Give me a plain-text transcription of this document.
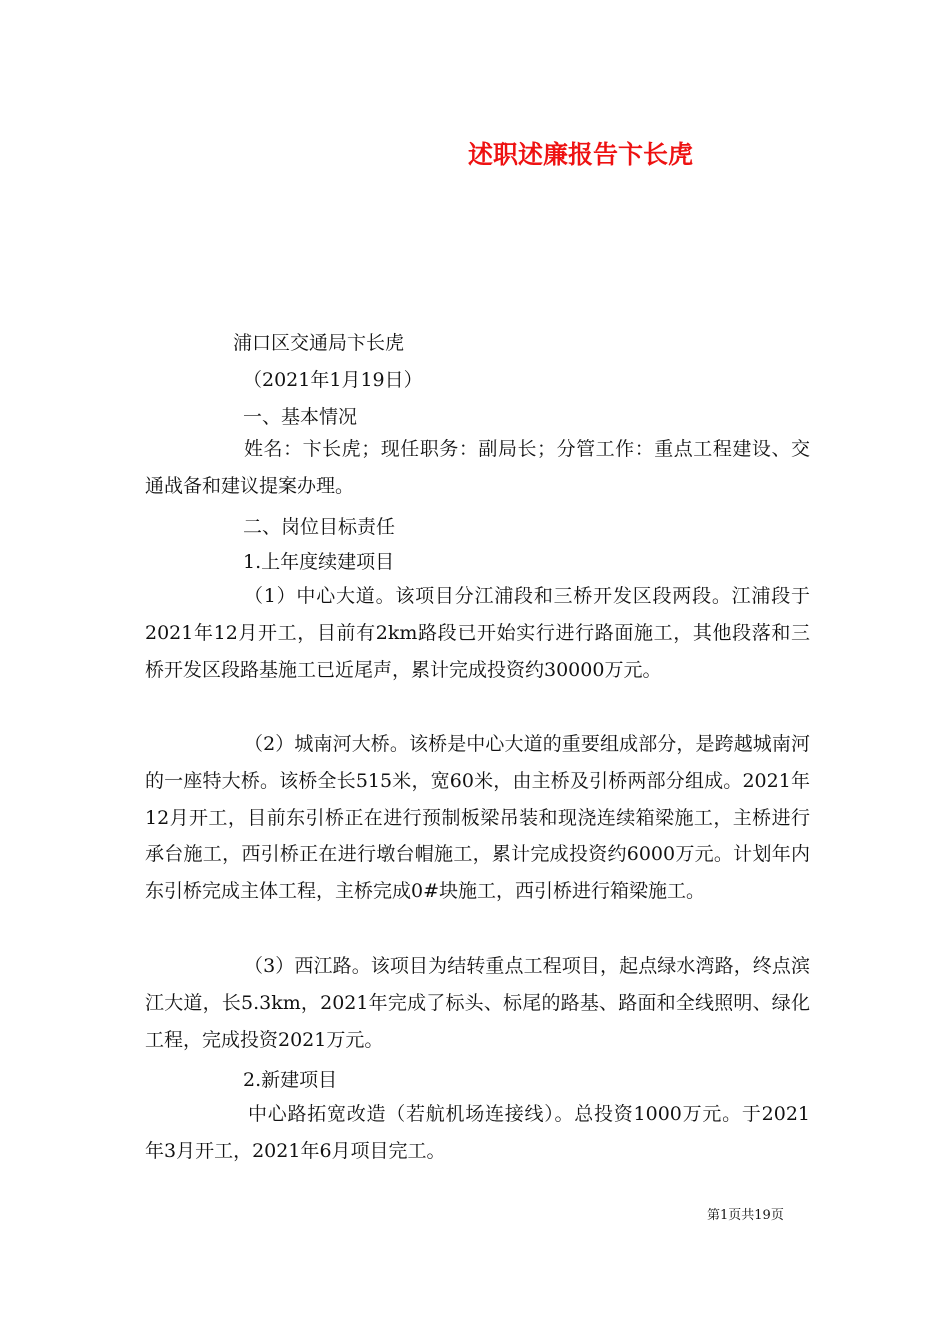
述职述廉报告卞长虎
浦口区交通局卞长虎
（2021年1月19日）
一、基本情况
姓名：卞长虎；现任职务：副局长；分管工作：重点工程建设、交通战备和建议提案办理。
二、岗位目标责任
1.上年度续建项目
（1）中心大道。该项目分江浦段和三桥开发区段两段。江浦段于2021年12月开工，目前有2km路段已开始实行进行路面施工，其他段落和三桥开发区段路基施工已近尾声，累计完成投资约30000万元。
（2）城南河大桥。该桥是中心大道的重要组成部分，是跨越城南河的一座特大桥。该桥全长515米，宽60米，由主桥及引桥两部分组成。2021年12月开工，目前东引桥正在进行预制板梁吊装和现浇连续箱梁施工，主桥进行承台施工，西引桥正在进行墩台帽施工，累计完成投资约6000万元。计划年内东引桥完成主体工程，主桥完成0#块施工，西引桥进行箱梁施工。
（3）西江路。该项目为结转重点工程项目，起点绿水湾路，终点滨江大道，长5.3km，2021年完成了标头、标尾的路基、路面和全线照明、绿化工程，完成投资2021万元。
2.新建项目
中心路拓宽改造（若航机场连接线）。总投资1000万元。于2021年3月开工，2021年6月项目完工。
第1页共19页
